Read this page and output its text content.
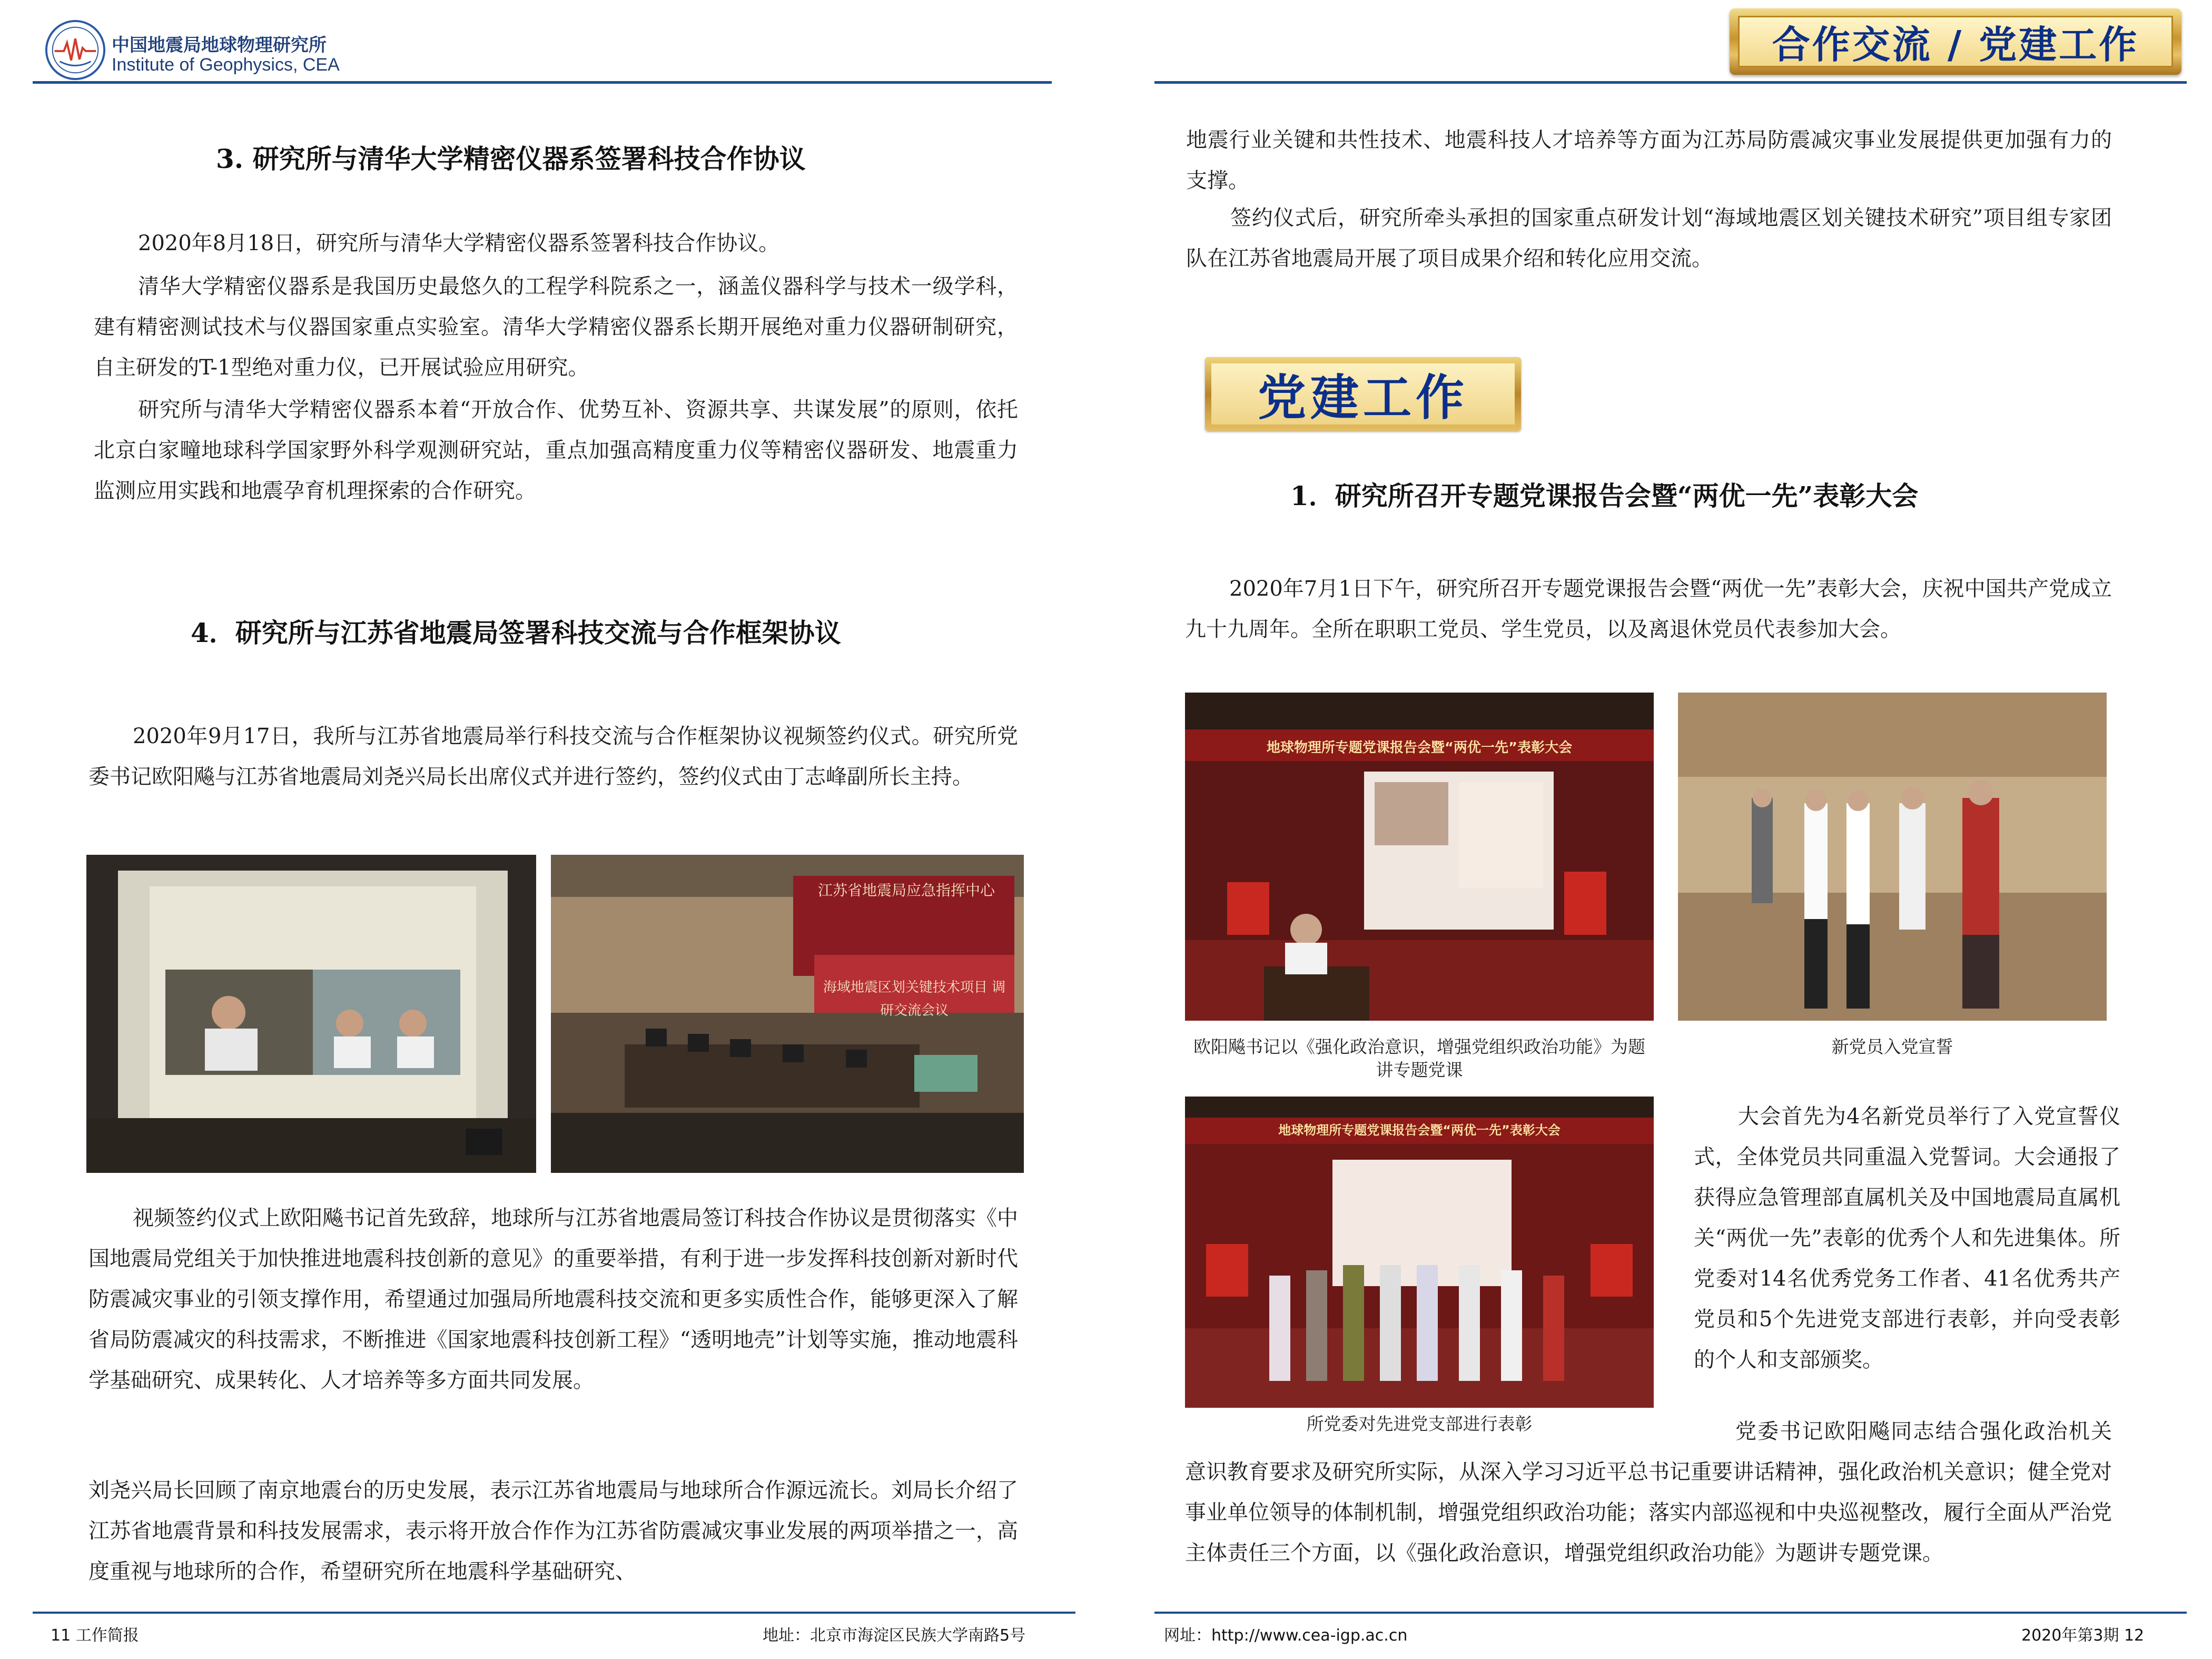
中国地震局地球物理研究所
Institute of Geophysics, CEA
3. 研究所与清华大学精密仪器系签署科技合作协议

2020年8月18日，研究所与清华大学精密仪器系签署科技合作协议。

清华大学精密仪器系是我国历史最悠久的工程学科院系之一，涵盖仪器科学与技术一级学科，建有精密测试技术与仪器国家重点实验室。清华大学精密仪器系长期开展绝对重力仪器研制研究，自主研发的T-1型绝对重力仪，已开展试验应用研究。

研究所与清华大学精密仪器系本着“开放合作、优势互补、资源共享、共谋发展”的原则，依托北京白家疃地球科学国家野外科学观测研究站，重点加强高精度重力仪等精密仪器研发、地震重力监测应用实践和地震孕育机理探索的合作研究。

4．研究所与江苏省地震局签署科技交流与合作框架协议

2020年9月17日，我所与江苏省地震局举行科技交流与合作框架协议视频签约仪式。研究所党委书记欧阳飚与江苏省地震局刘尧兴局长出席仪式并进行签约，签约仪式由丁志峰副所长主持。

江苏省地震局应急指挥中心
海域地震区划关键技术项目 调研交流会议

视频签约仪式上欧阳飚书记首先致辞，地球所与江苏省地震局签订科技合作协议是贯彻落实《中国地震局党组关于加快推进地震科技创新的意见》的重要举措，有利于进一步发挥科技创新对新时代防震减灾事业的引领支撑作用，希望通过加强局所地震科技交流和更多实质性合作，能够更深入了解省局防震减灾的科技需求，不断推进《国家地震科技创新工程》“透明地壳”计划等实施，推动地震科学基础研究、成果转化、人才培养等多方面共同发展。

刘尧兴局长回顾了南京地震台的历史发展，表示江苏省地震局与地球所合作源远流长。刘局长介绍了江苏省地震背景和科技发展需求，表示将开放合作作为江苏省防震减灾事业发展的两项举措之一，高度重视与地球所的合作，希望研究所在地震科学基础研究、

11 工作简报	地址：北京市海淀区民族大学南路5号
合作交流 / 党建工作

地震行业关键和共性技术、地震科技人才培养等方面为江苏局防震减灾事业发展提供更加强有力的支撑。

签约仪式后，研究所牵头承担的国家重点研发计划“海域地震区划关键技术研究”项目组专家团队在江苏省地震局开展了项目成果介绍和转化应用交流。

党建工作
1．研究所召开专题党课报告会暨“两优一先”表彰大会

2020年7月1日下午，研究所召开专题党课报告会暨“两优一先”表彰大会，庆祝中国共产党成立九十九周年。全所在职职工党员、学生党员，以及离退休党员代表参加大会。

地球物理所专题党课报告会暨“两优一先”表彰大会

欧阳飚书记以《强化政治意识，增强党组织政治功能》为题讲专题党课

新党员入党宣誓

地球物理所专题党课报告会暨“两优一先”表彰大会

所党委对先进党支部进行表彰

大会首先为4名新党员举行了入党宣誓仪式，全体党员共同重温入党誓词。大会通报了获得应急管理部直属机关及中国地震局直属机关“两优一先”表彰的优秀个人和先进集体。所党委对14名优秀党务工作者、41名优秀共产党员和5个先进党支部进行表彰，并向受表彰的个人和支部颁奖。

党委书记欧阳飚同志结合强化政治机关意识教育要求及研究所实际，从深入学习习近平总书记重要讲话精神，强化政治机关意识；健全党对事业单位领导的体制机制，增强党组织政治功能；落实内部巡视和中央巡视整改，履行全面从严治党主体责任三个方面，以《强化政治意识，增强党组织政治功能》为题讲专题党课。

网址：http://www.cea-igp.ac.cn	2020年第3期 12
